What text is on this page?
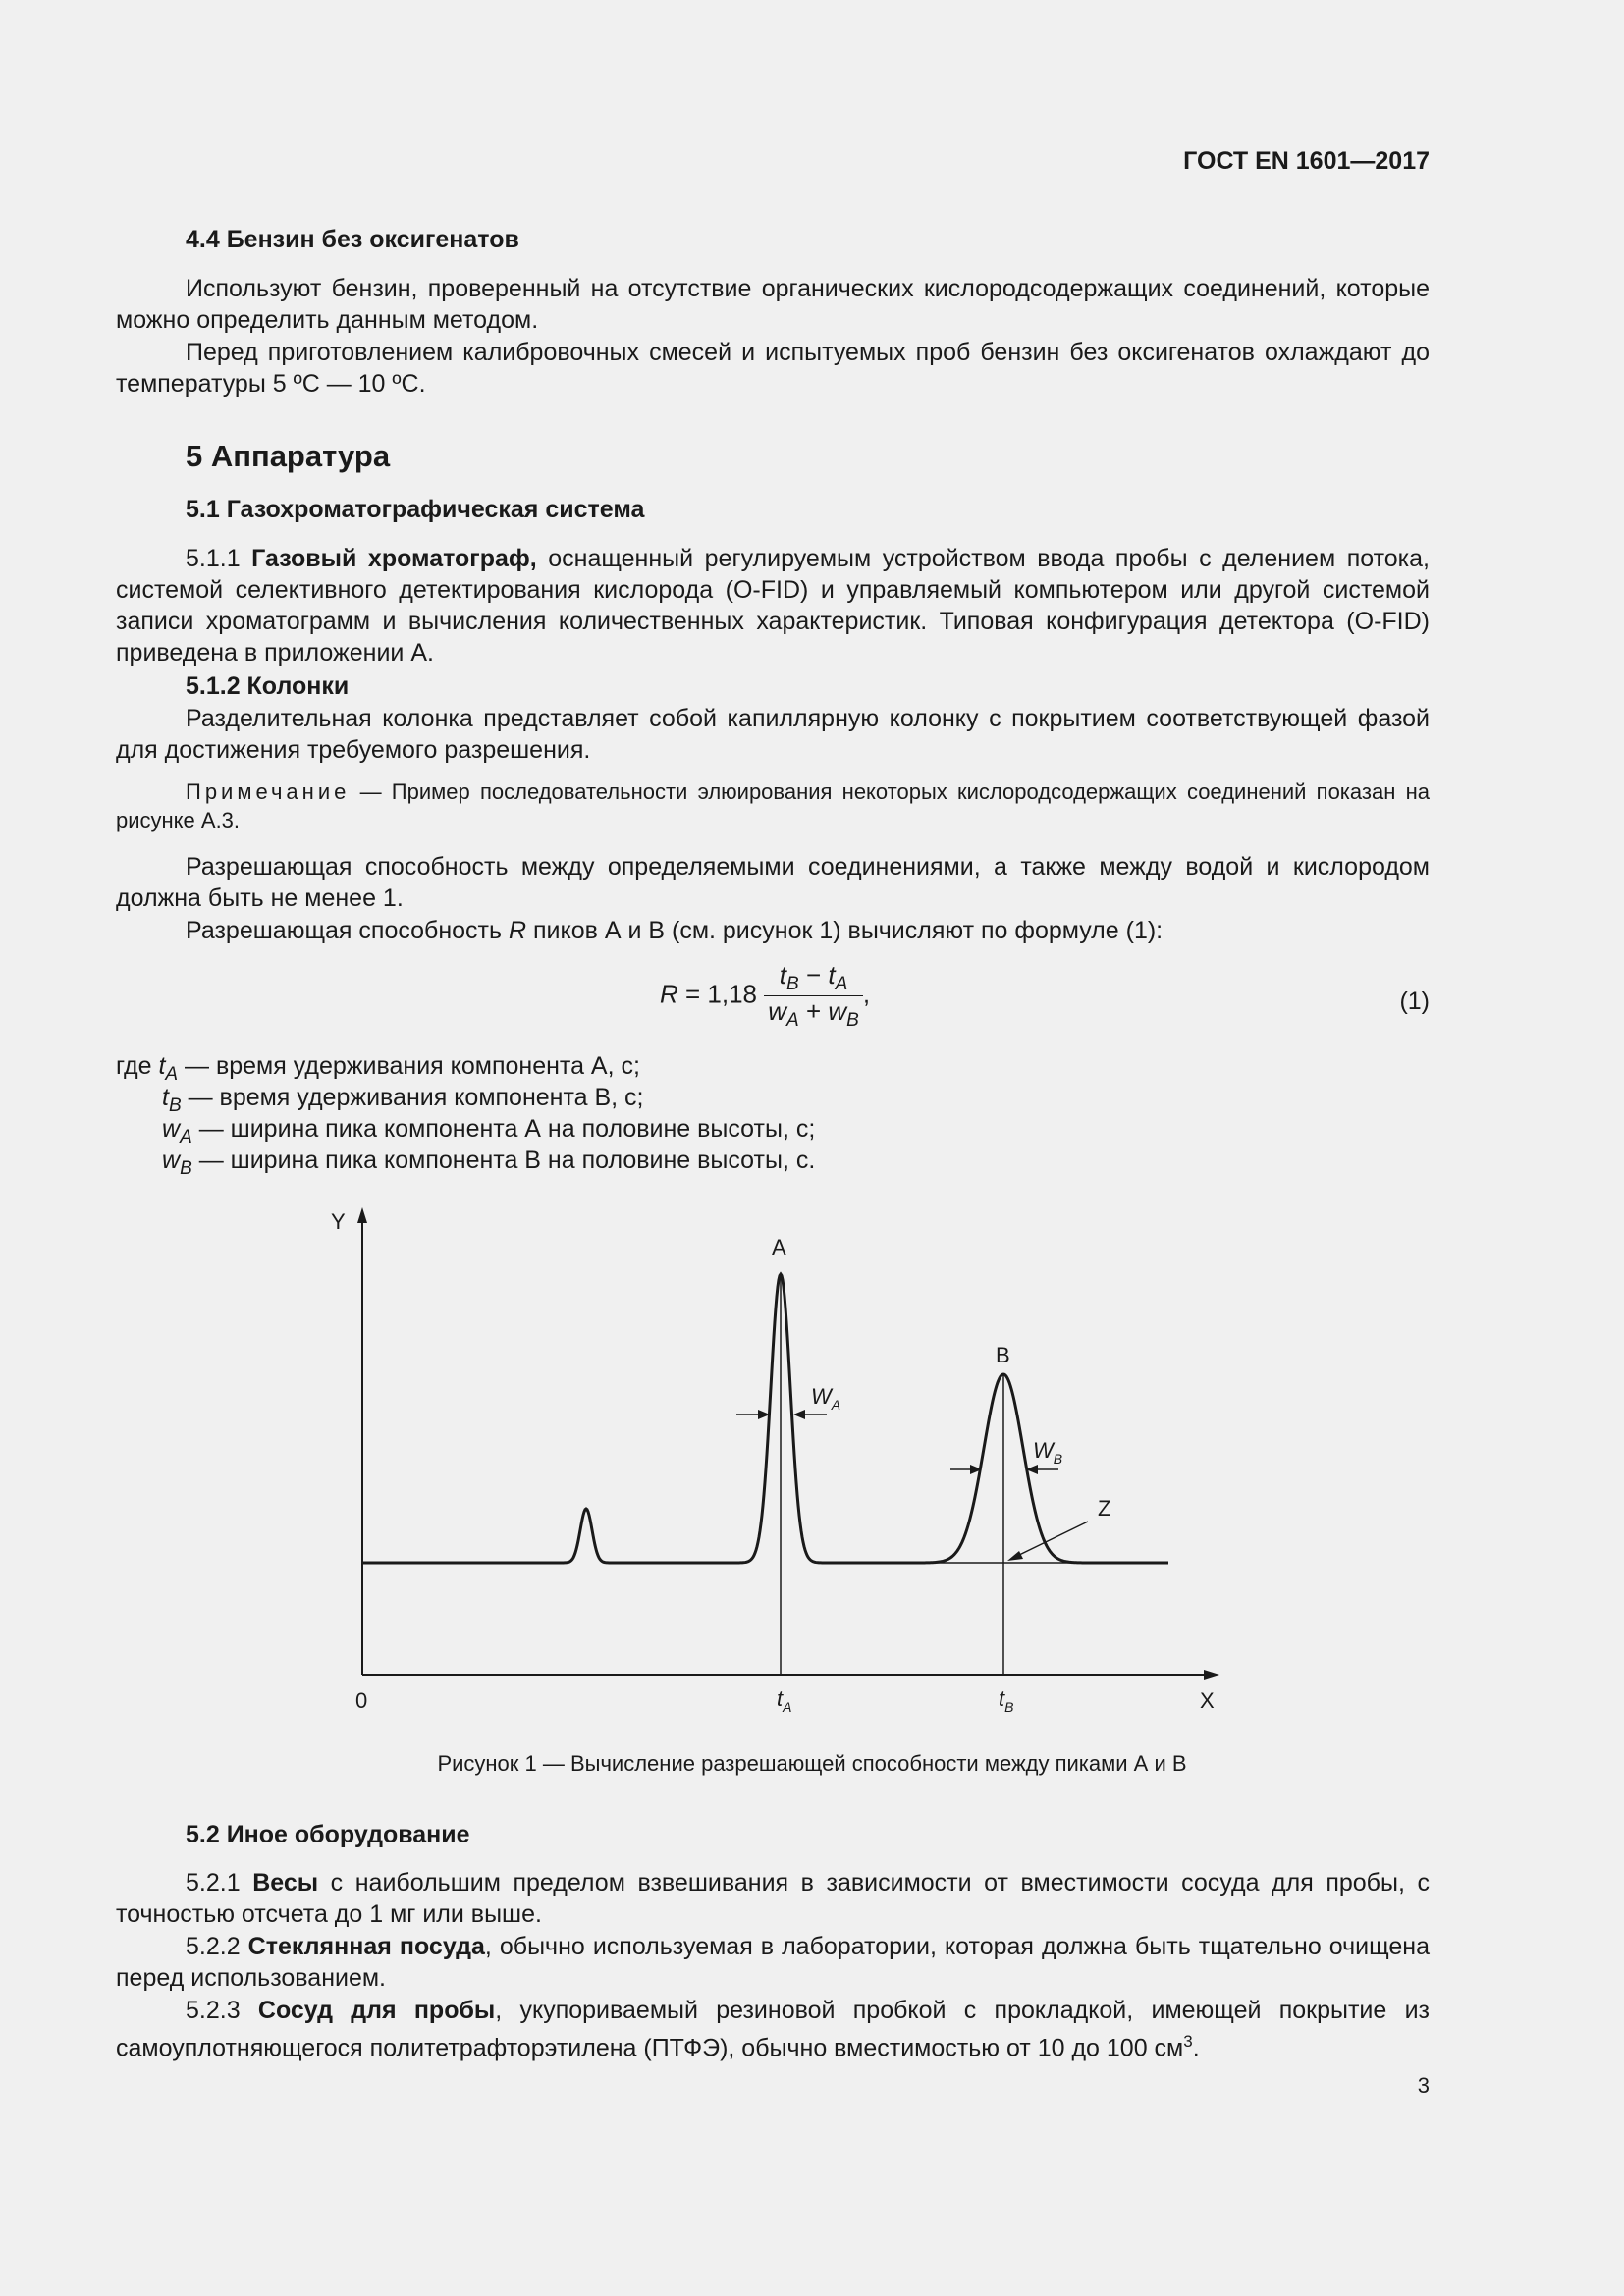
ГОСТ EN 1601—2017
4.4 Бензин без оксигенатов
Используют бензин, проверенный на отсутствие органических кислородсодержащих соединений, которые можно определить данным методом.
Перед приготовлением калибровочных смесей и испытуемых проб бензин без оксигенатов охлаждают до температуры 5 ºС — 10 ºС.
5 Аппаратура
5.1 Газохроматографическая система
5.1.1 Газовый хроматограф, оснащенный регулируемым устройством ввода пробы с делением потока, системой селективного детектирования кислорода (O-FID) и управляемый компьютером или другой системой записи хроматограмм и вычисления количественных характеристик. Типовая конфигурация детектора (O-FID) приведена в приложении А.
5.1.2 Колонки
Разделительная колонка представляет собой капиллярную колонку с покрытием соответствующей фазой для достижения требуемого разрешения.
Примечание — Пример последовательности элюирования некоторых кислородсодержащих соединений показан на рисунке А.3.
Разрешающая способность между определяемыми соединениями, а также между водой и кислородом должна быть не менее 1.
Разрешающая способность R пиков А и В (см. рисунок 1) вычисляют по формуле (1):
$R = 1,18 \frac{t_B - t_A}{w_A + w_B}$ ,	(1)
где $t_A$ — время удерживания компонента А, с;
$t_B$ — время удерживания компонента В, с;
$w_A$ — ширина пика компонента А на половине высоты, с;
$w_B$ — ширина пика компонента В на половине высоты, с.
Y
0	X
A
B
Z
$W_A$
$W_B$
$t_A$	$t_B$
Рисунок 1 — Вычисление разрешающей способности между пиками А и В
5.2 Иное оборудование
5.2.1 Весы с наибольшим пределом взвешивания в зависимости от вместимости сосуда для пробы, с точностью отсчета до 1 мг или выше.
5.2.2 Стеклянная посуда, обычно используемая в лаборатории, которая должна быть тщательно очищена перед использованием.
5.2.3 Сосуд для пробы, укупориваемый резиновой пробкой с прокладкой, имеющей покрытие из самоуплотняющегося политетрафторэтилена (ПТФЭ), обычно вместимостью от 10 до 100 $см^3$.
3
